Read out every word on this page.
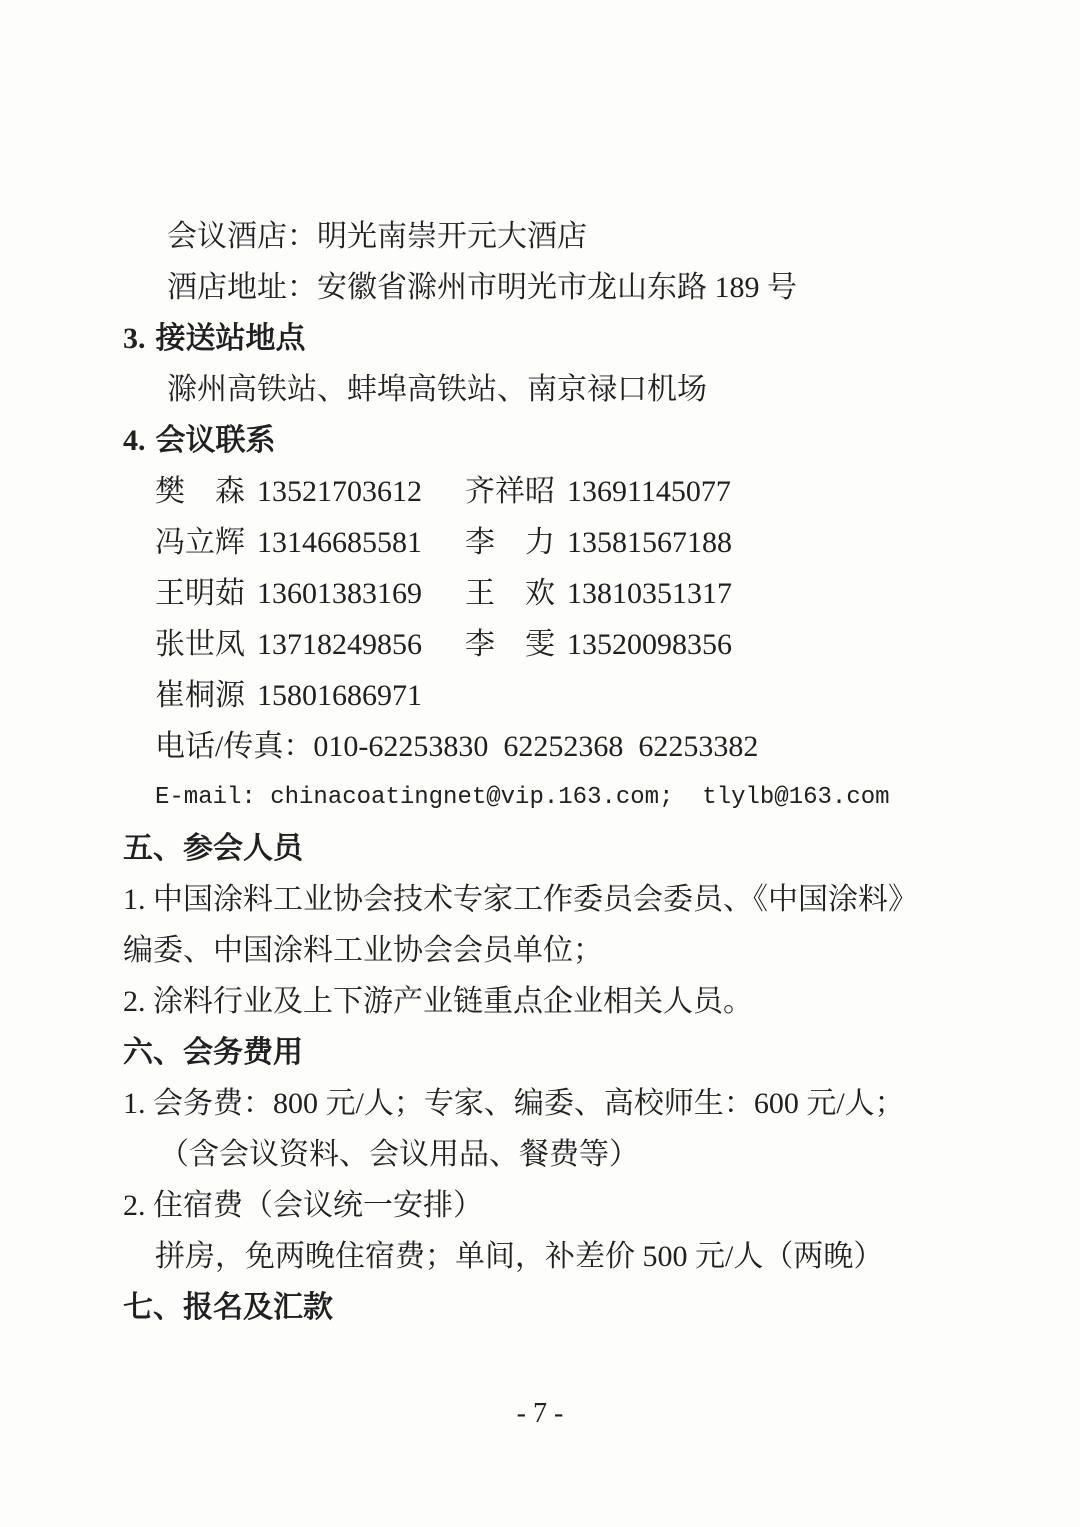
会议酒店：明光南崇开元大酒店
酒店地址：安徽省滁州市明光市龙山东路 189 号
3. 接送站地点
滁州高铁站、蚌埠高铁站、南京禄口机场
4. 会议联系
樊　森 13521703612 齐祥昭 13691145077
冯立辉 13146685581 李　力 13581567188
王明茹 13601383169 王　欢 13810351317
张世凤 13718249856 李　雯 13520098356
崔桐源 15801686971
电话/传真：010-62253830  62252368  62253382
E-mail: chinacoatingnet@vip.163.com;  tlylb@163.com
五、参会人员
1. 中国涂料工业协会技术专家工作委员会委员、《中国涂料》
编委、中国涂料工业协会会员单位；
2. 涂料行业及上下游产业链重点企业相关人员。
六、会务费用
1. 会务费：800 元/人；专家、编委、高校师生：600 元/人；
（含会议资料、会议用品、餐费等）
2. 住宿费（会议统一安排）
拼房，免两晚住宿费；单间，补差价 500 元/人（两晚）
七、报名及汇款
- 7 -
